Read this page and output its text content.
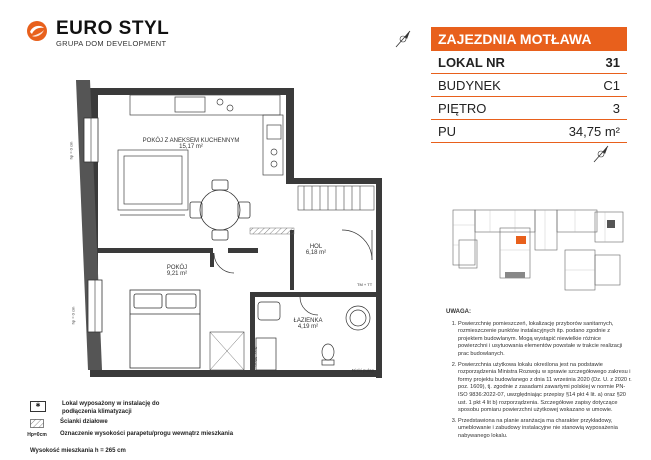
EURO STYL
GRUPA DOM DEVELOPMENT	ZAJEZDNIA MOTŁAWA
LOKAL NR	31
BUDYNEK	C1
PIĘTRO	3
PU	34,75 m²
POKÓJ Z ANEKSEM KUCHENNYM
15,17 m²
HOL
6,18 m²
POKÓJ
9,21 m²
ŁAZIENKA
4,19 m²
TM + TT
Niski pułap
Szer. 90cm
hp = 0 cm
hp = 0 cm	UWAGA:
1. Powierzchnię pomieszczeń, lokalizację przyborów sanitarnych, rozmieszczenie punktów instalacyjnych itp. podano zgodnie z projektem budowlanym. Mogą wystąpić niewielkie różnice powierzchni i usytuowania elementów powstałe w trakcie realizacji prac budowlanych.
2. Powierzchnia użytkowa lokalu określona jest na podstawie rozporządzenia Ministra Rozwoju w sprawie szczegółowego zakresu i formy projektu budowlanego z dnia 11 września 2020 (Dz. U. z 2020 r. poz. 1609), tj. zgodnie z zasadami zawartymi polskiej w normie PN-ISO 9836:2022-07, uwzględniając przepisy §14 pkt 4 lit. a) oraz §20 ust. 1 pkt 4 lit b) rozporządzenia. Szczegółowe zapisy dotyczące sposobu pomiaru powierzchni użytkowej wskazano w umowie.
3. Przedstawiona na planie aranżacja ma charakter przykładowy, umeblowanie i zabudowy instalacyjne nie stanowią wyposażenia nabywanego lokalu.
✱	Lokal wyposażony w instalację do podłączenia klimatyzacji
Ścianki działowe
Hp=0cm Oznaczenie wysokości parapetu/progu wewnątrz mieszkania
Wysokość mieszkania h = 265 cm
